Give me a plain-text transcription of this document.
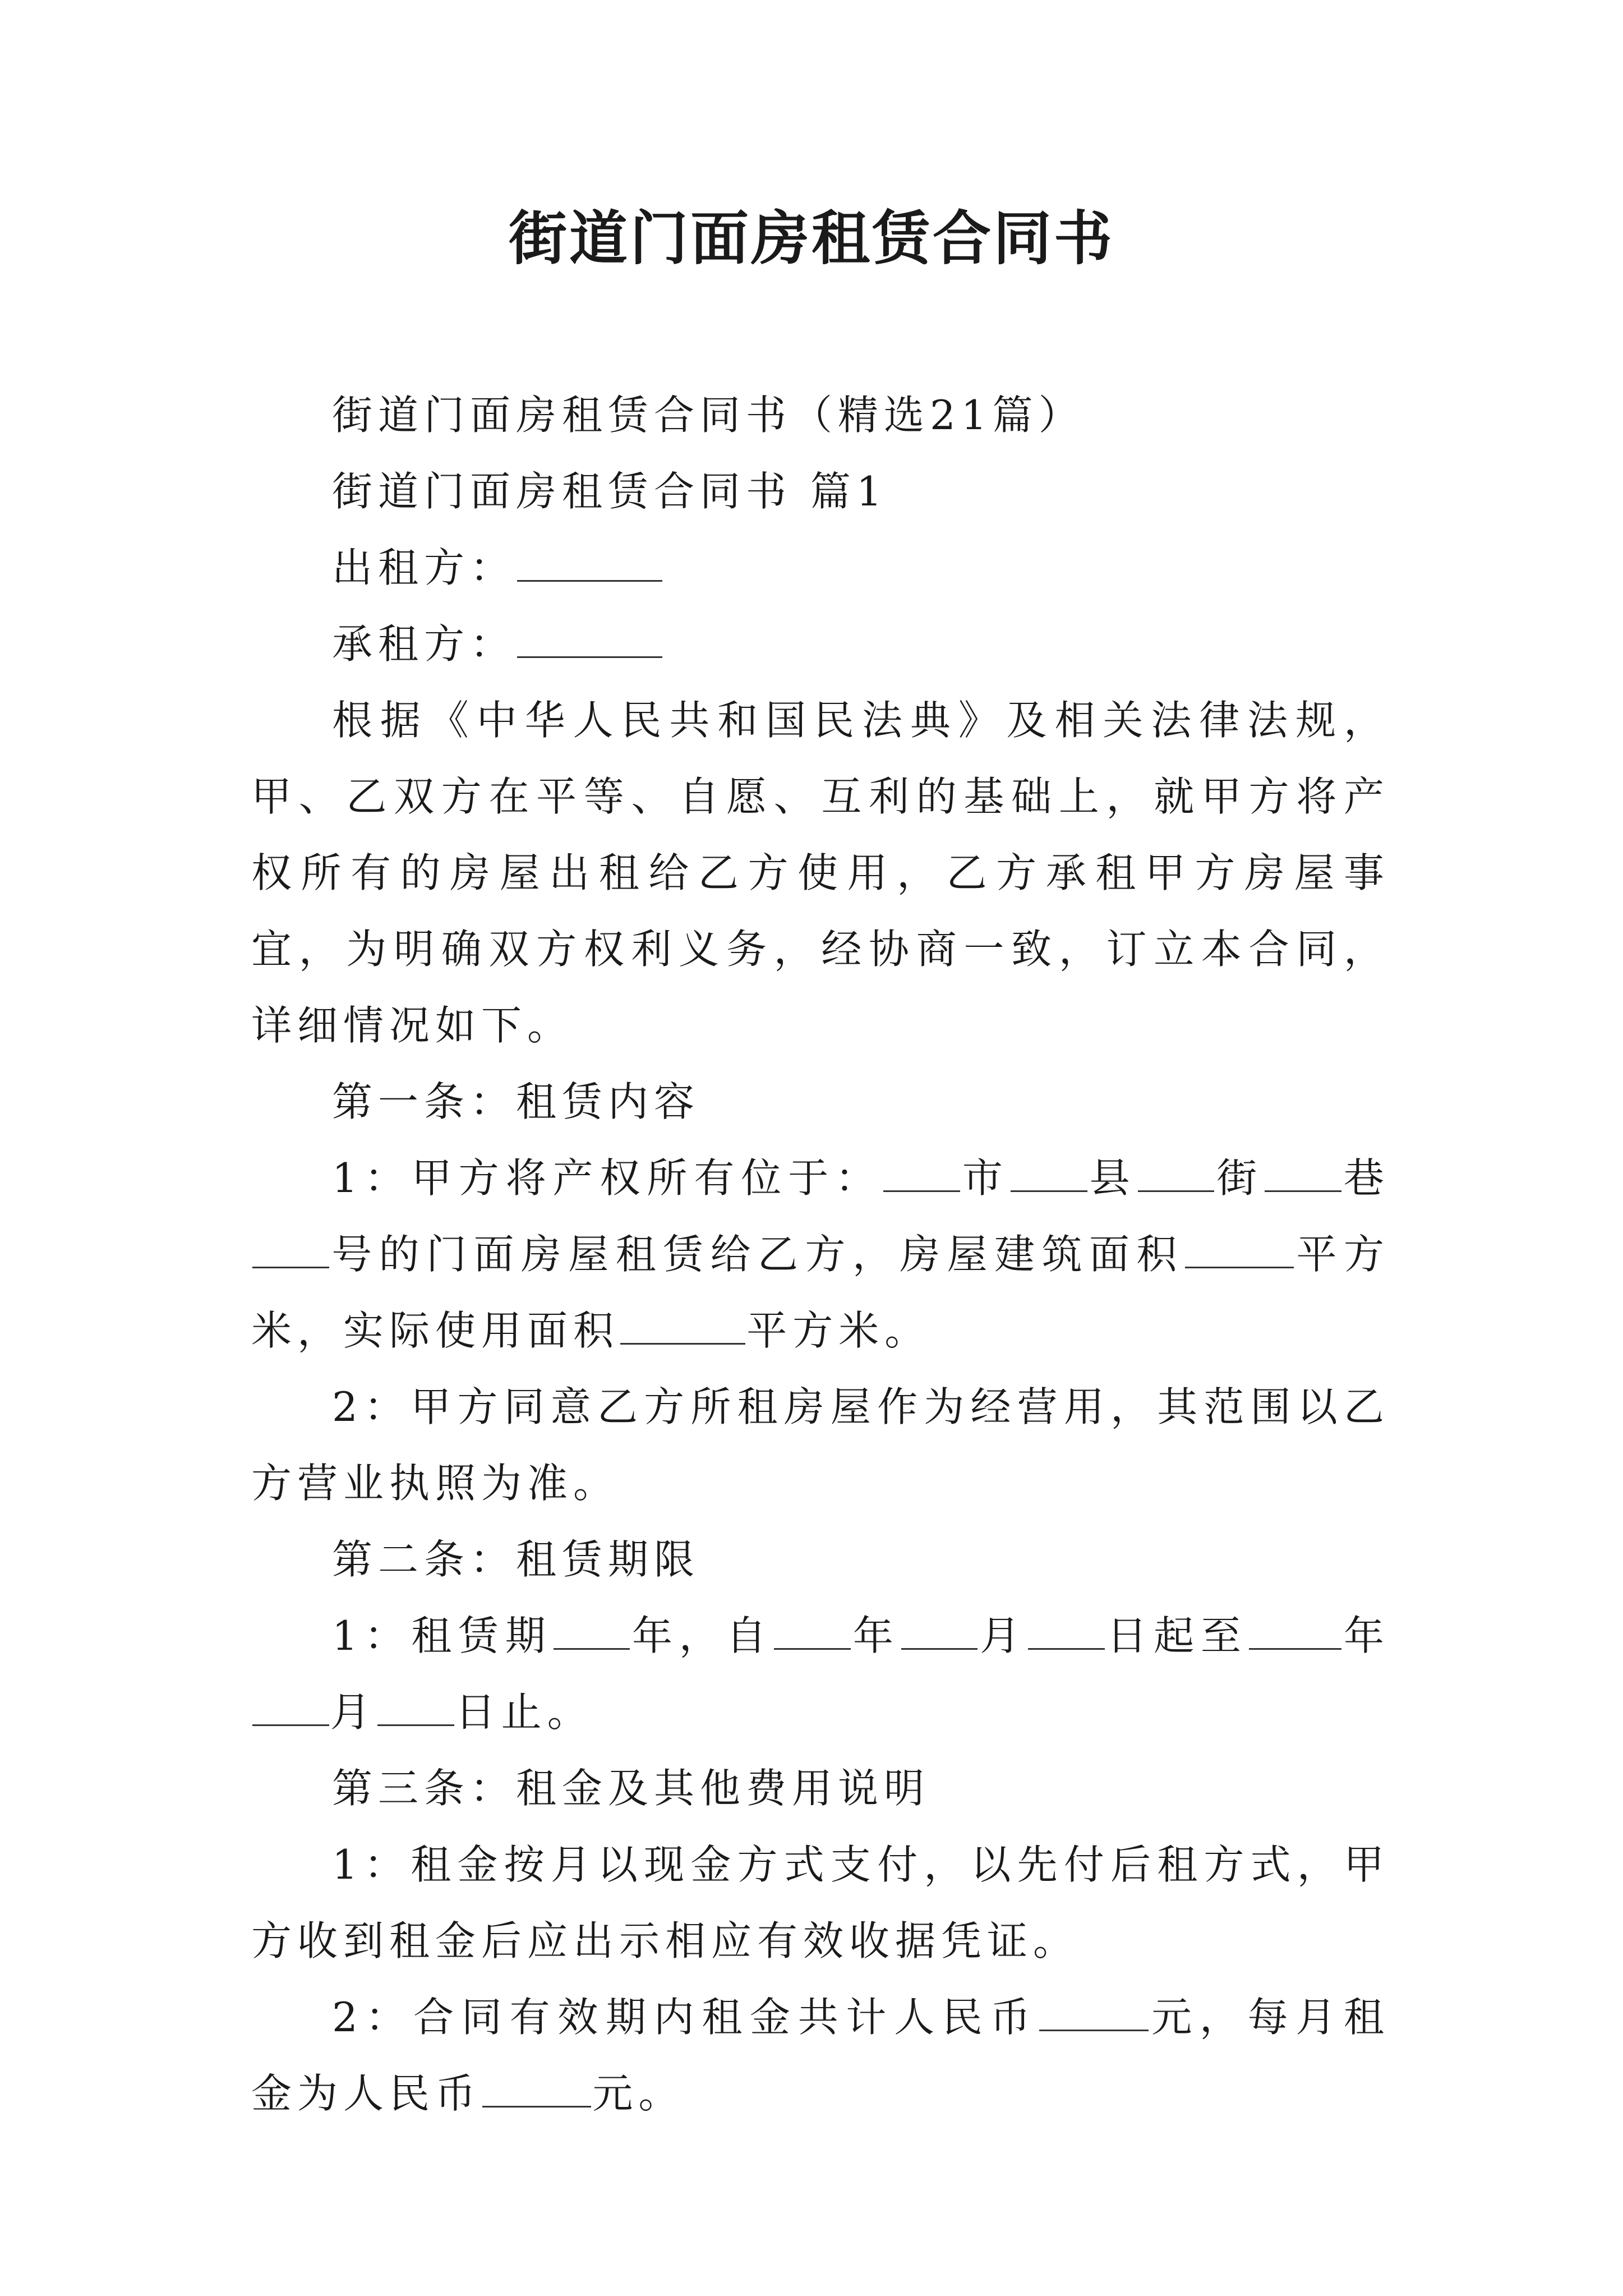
街道门面房租赁合同书

街道门面房租赁合同书（精选21篇）

街道门面房租赁合同书 篇1

出租方：

承租方：

根据《中华人民共和国民法典》及相关法律法规，甲、乙双方在平等、自愿、互利的基础上，就甲方将产权所有的房屋出租给乙方使用，乙方承租甲方房屋事宜，为明确双方权利义务，经协商一致，订立本合同，详细情况如下。

第一条：租赁内容

1：甲方将产权所有位于： 市 县 街 巷号的门面房屋租赁给乙方，房屋建筑面积	平方米，实际使用面积	平方米。

2：甲方同意乙方所租房屋作为经营用，其范围以乙方营业执照为准。

第二条：租赁期限

1：租赁期 年，自 年 月 日起至 年月 日止。

第三条：租金及其他费用说明

1：租金按月以现金方式支付，以先付后租方式，甲方收到租金后应出示相应有效收据凭证。

2：合同有效期内租金共计人民币	元，每月租金为人民币	元。
